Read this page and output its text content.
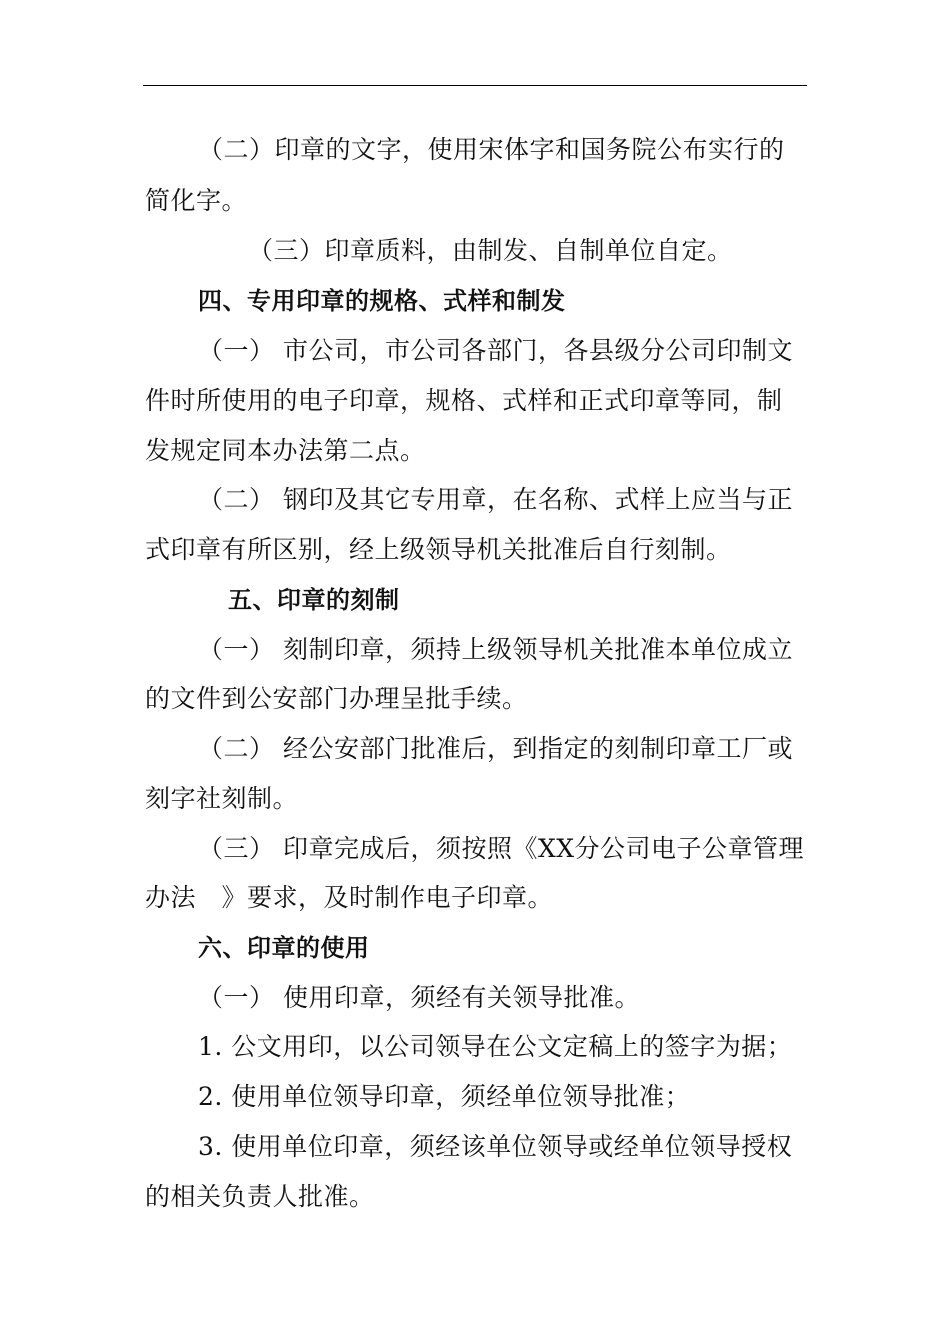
（二）印章的文字，使用宋体字和国务院公布实行的
简化字。
（三）印章质料，由制发、自制单位自定。
四、专用印章的规格、式样和制发
（一） 市公司，市公司各部门，各县级分公司印制文
件时所使用的电子印章，规格、式样和正式印章等同，制
发规定同本办法第二点。
（二） 钢印及其它专用章，在名称、式样上应当与正
式印章有所区别，经上级领导机关批准后自行刻制。
五、印章的刻制
（一） 刻制印章，须持上级领导机关批准本单位成立
的文件到公安部门办理呈批手续。
（二） 经公安部门批准后，到指定的刻制印章工厂或
刻字社刻制。
（三） 印章完成后，须按照《XX分公司电子公章管理
办法　》要求，及时制作电子印章。
六、印章的使用
（一） 使用印章，须经有关领导批准。
1. 公文用印，以公司领导在公文定稿上的签字为据；
2. 使用单位领导印章，须经单位领导批准；
3. 使用单位印章，须经该单位领导或经单位领导授权
的相关负责人批准。
